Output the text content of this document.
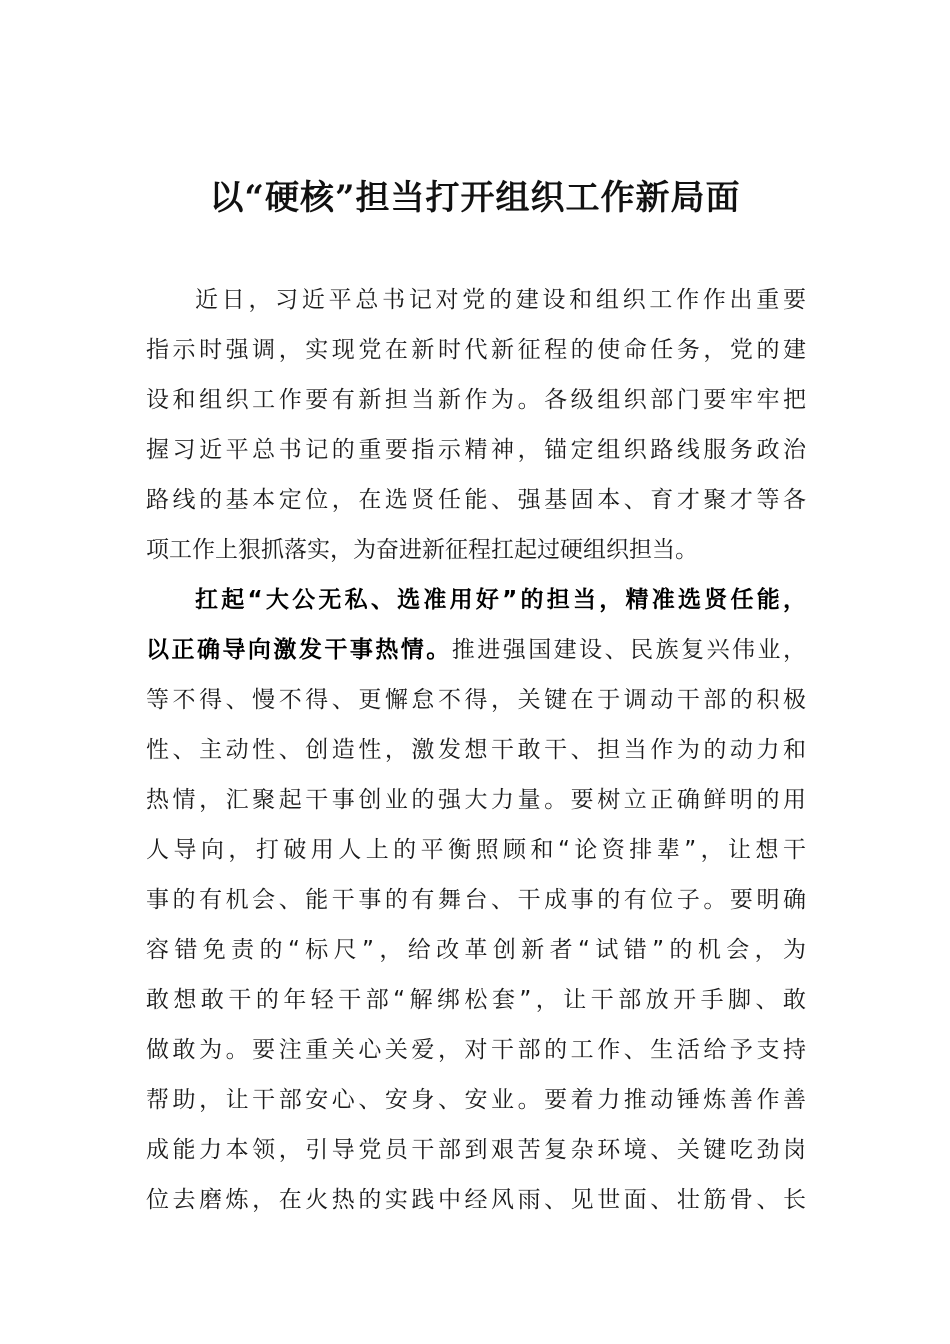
以“硬核”担当打开组织工作新局面
近日，习近平总书记对党的建设和组织工作作出重要
指示时强调，实现党在新时代新征程的使命任务，党的建
设和组织工作要有新担当新作为。各级组织部门要牢牢把
握习近平总书记的重要指示精神，锚定组织路线服务政治
路线的基本定位，在选贤任能、强基固本、育才聚才等各
项工作上狠抓落实，为奋进新征程扛起过硬组织担当。
扛起“大公无私、选准用好”的担当，精准选贤任能，
以正确导向激发干事热情。推进强国建设、民族复兴伟业，
等不得、慢不得、更懈怠不得，关键在于调动干部的积极
性、主动性、创造性，激发想干敢干、担当作为的动力和
热情，汇聚起干事创业的强大力量。要树立正确鲜明的用
人导向，打破用人上的平衡照顾和“论资排辈”，让想干
事的有机会、能干事的有舞台、干成事的有位子。要明确
容错免责的“标尺”，给改革创新者“试错”的机会，为
敢想敢干的年轻干部“解绑松套”，让干部放开手脚、敢
做敢为。要注重关心关爱，对干部的工作、生活给予支持
帮助，让干部安心、安身、安业。要着力推动锤炼善作善
成能力本领，引导党员干部到艰苦复杂环境、关键吃劲岗
位去磨炼，在火热的实践中经风雨、见世面、壮筋骨、长
